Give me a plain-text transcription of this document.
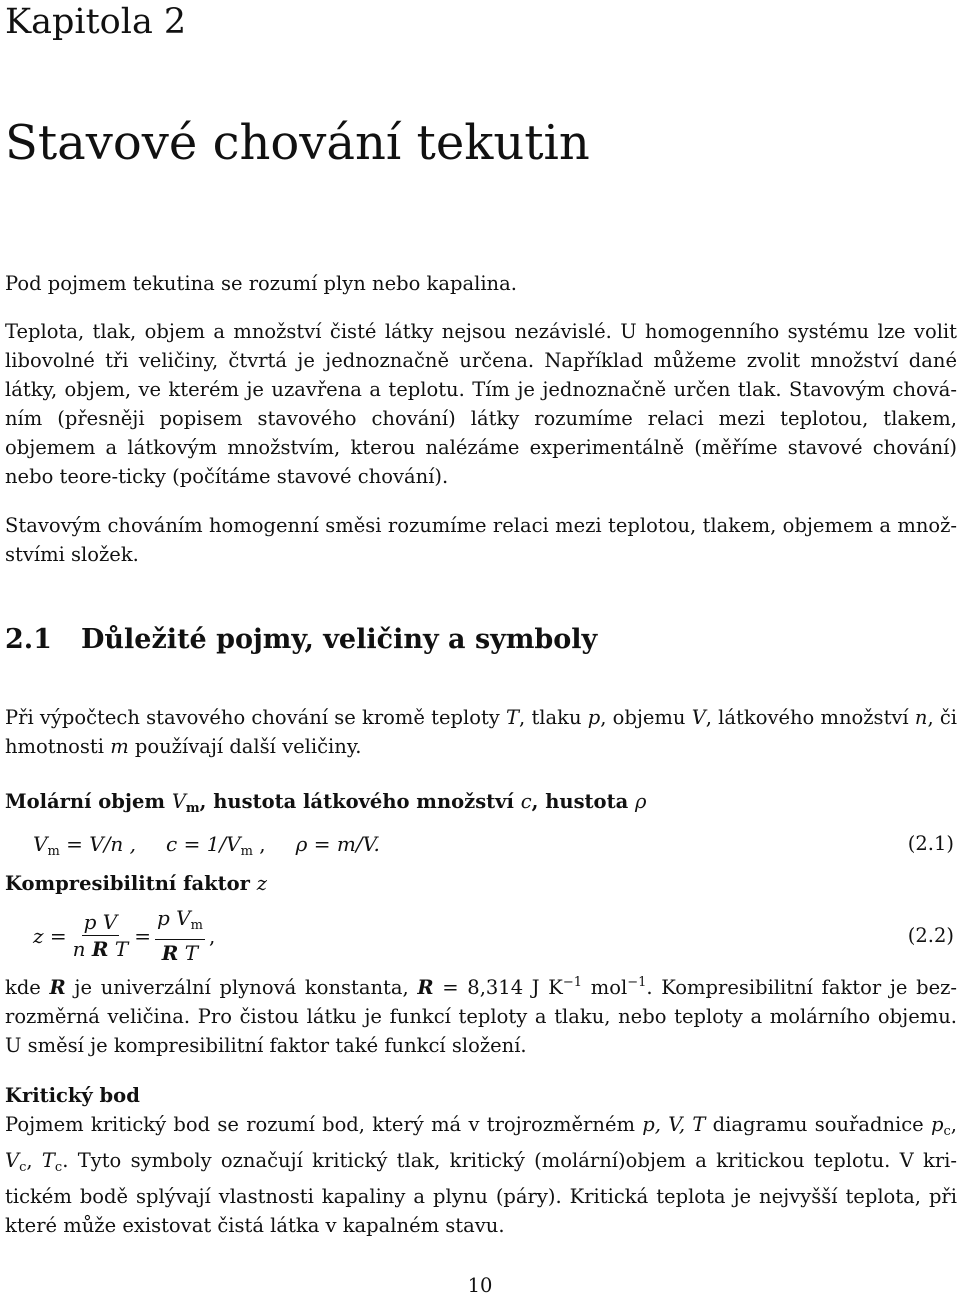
Kapitola 2
Stavové chování tekutin

Pod pojmem tekutina se rozumí plyn nebo kapalina.

Teplota, tlak, objem a množství čisté látky nejsou nezávislé. U homogenního systému lze volit libovolné tři veličiny, čtvrtá je jednoznačně určena. Například můžeme zvolit množství dané látky, objem, ve kterém je uzavřena a teplotu. Tím je jednoznačně určen tlak. Stavovým chová-ním (přesněji popisem stavového chování) látky rozumíme relaci mezi teplotou, tlakem, objemem a látkovým množstvím, kterou nalézáme experimentálně (měříme stavové chování) nebo teore-ticky (počítáme stavové chování).

Stavovým chováním homogenní směsi rozumíme relaci mezi teplotou, tlakem, objemem a množ-stvími složek.

2.1 Důležité pojmy, veličiny a symboly

Při výpočtech stavového chování se kromě teploty T, tlaku p, objemu V, látkového množství n, či hmotnosti m používají další veličiny.

Molární objem $V_m$, hustota látkového množství c, hustota ρ
$V_m = V/n$ , $c = 1/V_m$ , ρ = m/V.	(2.1)
Kompresibilitní faktor z
$z = \frac{\text{p V}}{\text{n R T}} = \frac{p V_m}{\text{R T}}$ ,	(2.2)

kde R je univerzální plynová konstanta, R = 8,314 J $K^{-1}$ mol$^{-1}$. Kompresibilitní faktor je bez-rozměrná veličina. Pro čistou látku je funkcí teploty a tlaku, nebo teploty a molárního objemu. U směsí je kompresibilitní faktor také funkcí složení.

Kritický bod

Pojmem kritický bod se rozumí bod, který má v trojrozměrném p, V, T diagramu souřadnice $p_c$, $V_c$, $T_c$. Tyto symboly označují kritický tlak, kritický (molární)objem a kritickou teplotu. V kri-tickém bodě splývají vlastnosti kapaliny a plynu (páry). Kritická teplota je nejvyšší teplota, při které může existovat čistá látka v kapalném stavu.

10
